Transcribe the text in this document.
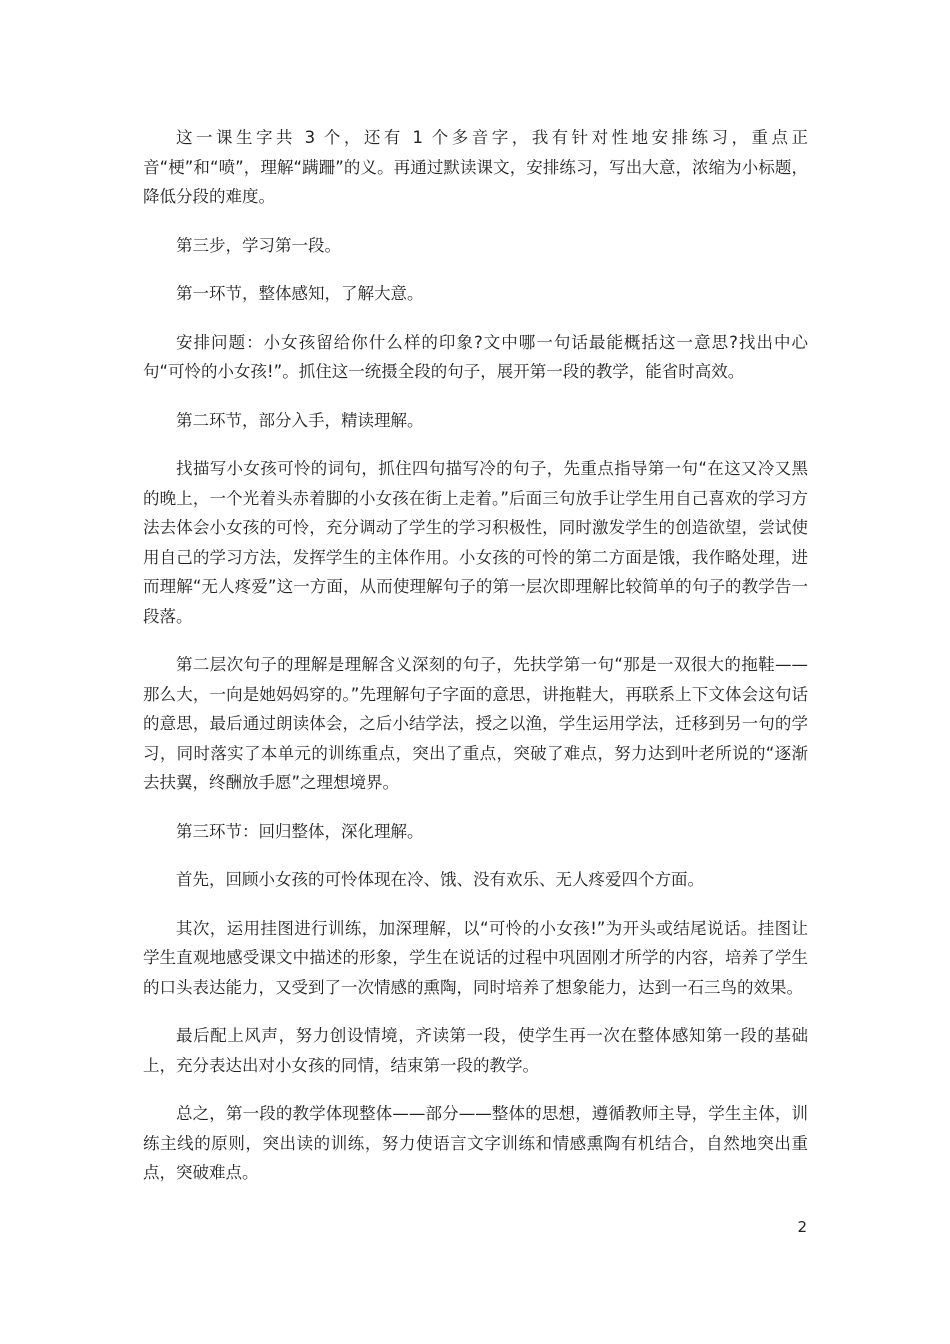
这一课生字共 3 个，还有 1 个多音字，我有针对性地安排练习，重点正音“梗”和“喷”，理解“蹒跚”的义。再通过默读课文，安排练习，写出大意，浓缩为小标题，降低分段的难度。

第三步，学习第一段。

第一环节，整体感知，了解大意。

安排问题：小女孩留给你什么样的印象?文中哪一句话最能概括这一意思?找出中心句“可怜的小女孩!”。抓住这一统摄全段的句子，展开第一段的教学，能省时高效。

第二环节，部分入手，精读理解。

找描写小女孩可怜的词句，抓住四句描写冷的句子，先重点指导第一句“在这又冷又黑的晚上，一个光着头赤着脚的小女孩在街上走着。”后面三句放手让学生用自己喜欢的学习方法去体会小女孩的可怜，充分调动了学生的学习积极性，同时激发学生的创造欲望，尝试使用自己的学习方法，发挥学生的主体作用。小女孩的可怜的第二方面是饿，我作略处理，进而理解“无人疼爱”这一方面，从而使理解句子的第一层次即理解比较简单的句子的教学告一段落。

第二层次句子的理解是理解含义深刻的句子，先扶学第一句“那是一双很大的拖鞋——那么大，一向是她妈妈穿的。”先理解句子字面的意思，讲拖鞋大，再联系上下文体会这句话的意思，最后通过朗读体会，之后小结学法，授之以渔，学生运用学法，迁移到另一句的学习，同时落实了本单元的训练重点，突出了重点，突破了难点，努力达到叶老所说的“逐渐去扶翼，终酬放手愿”之理想境界。

第三环节：回归整体，深化理解。

首先，回顾小女孩的可怜体现在冷、饿、没有欢乐、无人疼爱四个方面。

其次，运用挂图进行训练，加深理解，以“可怜的小女孩!”为开头或结尾说话。挂图让学生直观地感受课文中描述的形象，学生在说话的过程中巩固刚才所学的内容，培养了学生的口头表达能力，又受到了一次情感的熏陶，同时培养了想象能力，达到一石三鸟的效果。

最后配上风声，努力创设情境，齐读第一段，使学生再一次在整体感知第一段的基础上，充分表达出对小女孩的同情，结束第一段的教学。

总之，第一段的教学体现整体——部分——整体的思想，遵循教师主导，学生主体，训练主线的原则，突出读的训练，努力使语言文字训练和情感熏陶有机结合，自然地突出重点，突破难点。

2
